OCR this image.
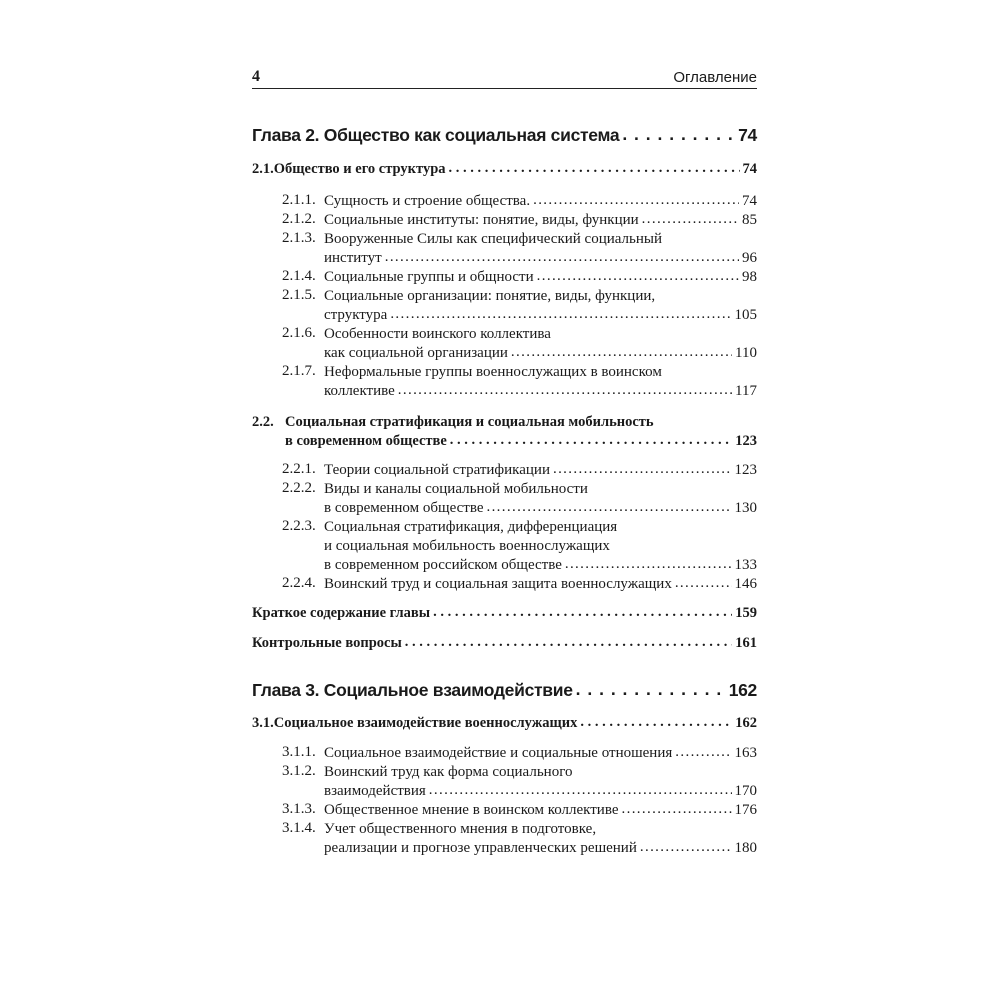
4	Оглавление
Глава 2. Общество как социальная система . . .	74
2.1. Общество и его структура . . .	74
2.1.1. Сущность и строение общества. . . .	74
2.1.2. Социальные институты: понятие, виды, функции . . .	85
2.1.3. Вооруженные Силы как специфический социальный
институт . . .	96
2.1.4. Социальные группы и общности . . .	98
2.1.5. Социальные организации: понятие, виды, функции,
структура . . .	105
2.1.6. Особенности воинского коллектива
как социальной организации . . .	110
2.1.7. Неформальные группы военнослужащих в воинском
коллективе . . .	117
2.2. Социальная стратификация и социальная мобильность
в современном обществе . . .	123
2.2.1. Теории социальной стратификации . . .	123
2.2.2. Виды и каналы социальной мобильности
в современном обществе . . .	130
2.2.3. Социальная стратификация, дифференциация
и социальная мобильность военнослужащих
в современном российском обществе . . .	133
2.2.4. Воинский труд и социальная защита военнослужащих . . .	146
Краткое содержание главы . . .	159
Контрольные вопросы . . .	161
Глава 3. Социальное взаимодействие . . .	162
3.1. Социальное взаимодействие военнослужащих . . .	162
3.1.1. Социальное взаимодействие и социальные отношения . . .	163
3.1.2. Воинский труд как форма социального
взаимодействия . . .	170
3.1.3. Общественное мнение в воинском коллективе . . .	176
3.1.4. Учет общественного мнения в подготовке,
реализации и прогнозе управленческих решений . . .	180
